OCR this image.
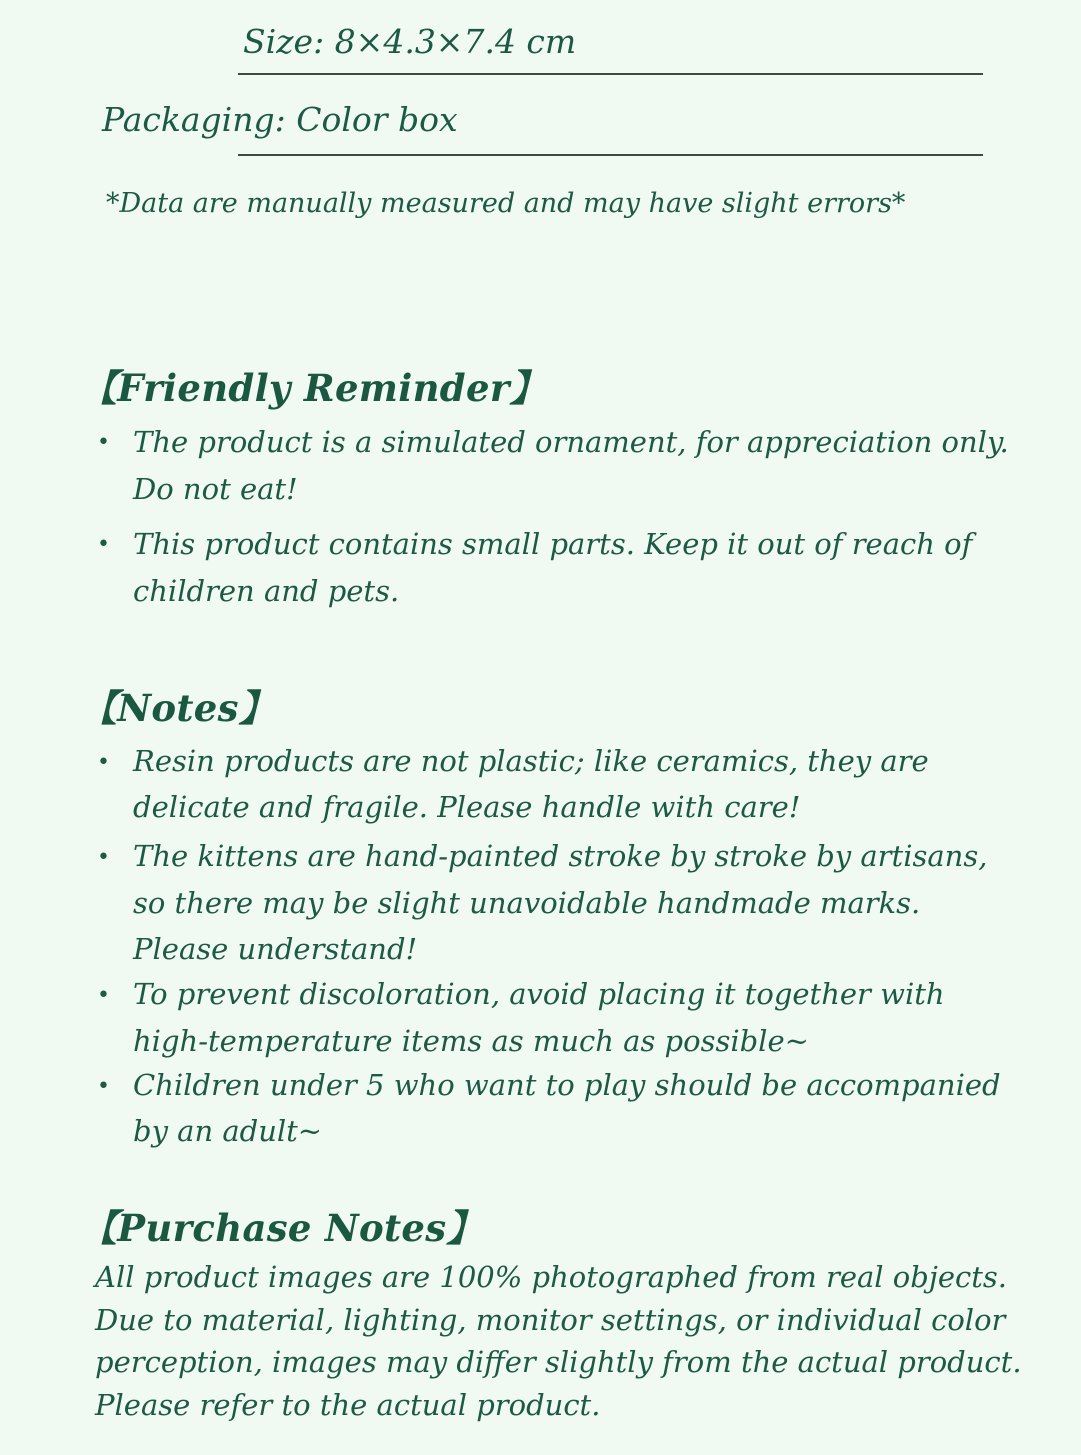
Size: 8×4.3×7.4 cm
Packaging: Color box
*Data are manually measured and may have slight errors*
【Friendly Reminder】
• The product is a simulated ornament, for appreciation only.
Do not eat!
• This product contains small parts. Keep it out of reach of
children and pets.
【Notes】
• Resin products are not plastic; like ceramics, they are
delicate and fragile. Please handle with care!
• The kittens are hand-painted stroke by stroke by artisans,
so there may be slight unavoidable handmade marks.
Please understand!
• To prevent discoloration, avoid placing it together with
high-temperature items as much as possible~
• Children under 5 who want to play should be accompanied
by an adult~
【Purchase Notes】
All product images are 100% photographed from real objects.
Due to material, lighting, monitor settings, or individual color
perception, images may differ slightly from the actual product.
Please refer to the actual product.
